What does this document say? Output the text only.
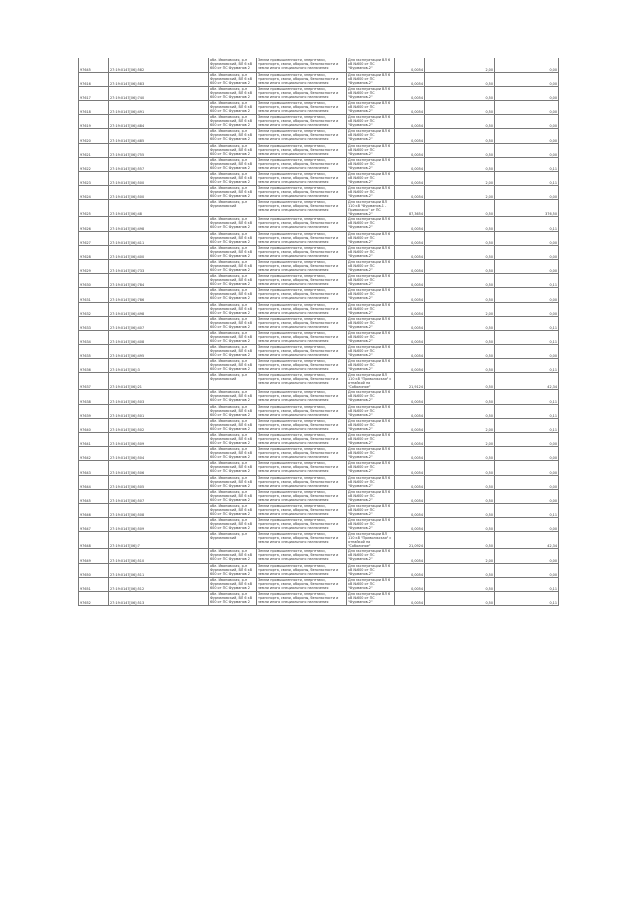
97645	27:19:0147[06]:582	обл. Ивановская, р-н Фурмановский, ВЛ 6 кВ 600 от ПС Фурманов 2	Земли промышленности, энергетики, транспорта, связи, обороны, безопасности и земли иного специального назначения	Для эксплуатации ВЛ 6 кВ №600 от ПС "Фурманов-2"	0,0054	2,00	0,00
97616	27:19:0147[06]:583	обл. Ивановская, р-н Фурмановский, ВЛ 6 кВ 600 от ПС Фурманов 2	Земли промышленности, энергетики, транспорта, связи, обороны, безопасности и земли иного специального назначения	Для эксплуатации ВЛ 6 кВ №600 от ПС "Фурманов-2"	0,0054	0,50	0,00
97617	27:19:0147[06]:740	обл. Ивановская, р-н Фурмановский, ВЛ 6 кВ 600 от ПС Фурманов 2	Земли промышленности, энергетики, транспорта, связи, обороны, безопасности и земли иного специального назначения	Для эксплуатации ВЛ 6 кВ №600 от ПС "Фурманов-2"	0,0054	0,50	0,00
97618	27:19:0147[06]:491	обл. Ивановская, р-н Фурмановский, ВЛ 6 кВ 600 от ПС Фурманов 2	Земли промышленности, энергетики, транспорта, связи, обороны, безопасности и земли иного специального назначения	Для эксплуатации ВЛ 6 кВ №600 от ПС "Фурманов-2"	0,0054	0,50	0,00
97619	27:19:0147[06]:484	обл. Ивановская, р-н Фурмановский, ВЛ 6 кВ 600 от ПС Фурманов 2	Земли промышленности, энергетики, транспорта, связи, обороны, безопасности и земли иного специального назначения	Для эксплуатации ВЛ 6 кВ №600 от ПС "Фурманов-2"	0,0054	0,50	0,00
97620	27:19:0147[06]:485	обл. Ивановская, р-н Фурмановский, ВЛ 6 кВ 600 от ПС Фурманов 2	Земли промышленности, энергетики, транспорта, связи, обороны, безопасности и земли иного специального назначения	Для эксплуатации ВЛ 6 кВ №600 от ПС "Фурманов-2"	0,0054	0,50	0,00
97621	27:19:0147[06]:755	обл. Ивановская, р-н Фурмановский, ВЛ 6 кВ 600 от ПС Фурманов 2	Земли промышленности, энергетики, транспорта, связи, обороны, безопасности и земли иного специального назначения	Для эксплуатации ВЛ 6 кВ №600 от ПС "Фурманов-2"	0,0054	0,50	0,00
97622	27:19:0147[06]:557	обл. Ивановская, р-н Фурмановский, ВЛ 6 кВ 600 от ПС Фурманов 2	Земли промышленности, энергетики, транспорта, связи, обороны, безопасности и земли иного специального назначения	Для эксплуатации ВЛ 6 кВ №600 от ПС "Фурманов-2"	0,0054	0,50	0,11
97623	27:19:0147[06]:500	обл. Ивановская, р-н Фурмановский, ВЛ 6 кВ 600 от ПС Фурманов 2	Земли промышленности, энергетики, транспорта, связи, обороны, безопасности и земли иного специального назначения	Для эксплуатации ВЛ 6 кВ №600 от ПС "Фурманов-2"	0,0054	2,00	0,11
97624	27:19:0147[06]:500	обл. Ивановская, р-н Фурмановский, ВЛ 6 кВ 600 от ПС Фурманов 2	Земли промышленности, энергетики, транспорта, связи, обороны, безопасности и земли иного специального назначения	Для эксплуатации ВЛ 6 кВ №600 от ПС "Фурманов-2"	0,0054	2,00	0,00
97625	27:19:0147[06]:48	обл. Ивановская, р-н Фурмановский	Земли промышленности, энергетики, транспорта, связи, обороны, безопасности и земли иного специального назначения	Для эксплуатации ВЛ 110 кВ "Фурманов-1 - Приволжск" от ПС "Фурманов-2"	87,3654	0,50	376,50
97626	27:19:0147[06]:498	обл. Ивановская, р-н Фурмановский, ВЛ 6 кВ 600 от ПС Фурманов 2	Земли промышленности, энергетики, транспорта, связи, обороны, безопасности и земли иного специального назначения	Для эксплуатации ВЛ 6 кВ №600 от ПС "Фурманов-2"	0,0054	0,50	0,11
97627	27:19:0147[06]:411	обл. Ивановская, р-н Фурмановский, ВЛ 6 кВ 600 от ПС Фурманов 2	Земли промышленности, энергетики, транспорта, связи, обороны, безопасности и земли иного специального назначения	Для эксплуатации ВЛ 6 кВ №600 от ПС "Фурманов-2"	0,0054	0,50	0,00
97628	27:19:0147[06]:400	обл. Ивановская, р-н Фурмановский, ВЛ 6 кВ 600 от ПС Фурманов 2	Земли промышленности, энергетики, транспорта, связи, обороны, безопасности и земли иного специального назначения	Для эксплуатации ВЛ 6 кВ №600 от ПС "Фурманов-2"	0,0054	0,50	0,00
97629	27:19:0147[06]:733	обл. Ивановская, р-н Фурмановский, ВЛ 6 кВ 600 от ПС Фурманов 2	Земли промышленности, энергетики, транспорта, связи, обороны, безопасности и земли иного специального назначения	Для эксплуатации ВЛ 6 кВ №600 от ПС "Фурманов-2"	0,0054	0,50	0,00
97630	27:19:0147[06]:784	обл. Ивановская, р-н Фурмановский, ВЛ 6 кВ 600 от ПС Фурманов 2	Земли промышленности, энергетики, транспорта, связи, обороны, безопасности и земли иного специального назначения	Для эксплуатации ВЛ 6 кВ №600 от ПС "Фурманов-2"	0,0054	0,50	0,11
97631	27:19:0147[06]:786	обл. Ивановская, р-н Фурмановский, ВЛ 6 кВ 600 от ПС Фурманов 2	Земли промышленности, энергетики, транспорта, связи, обороны, безопасности и земли иного специального назначения	Для эксплуатации ВЛ 6 кВ №600 от ПС "Фурманов-2"	0,0054	0,50	0,00
97632	27:19:0147[06]:498	обл. Ивановская, р-н Фурмановский, ВЛ 6 кВ 600 от ПС Фурманов 2	Земли промышленности, энергетики, транспорта, связи, обороны, безопасности и земли иного специального назначения	Для эксплуатации ВЛ 6 кВ №600 от ПС "Фурманов-2"	0,0054	2,00	0,00
97633	27:19:0147[06]:407	обл. Ивановская, р-н Фурмановский, ВЛ 6 кВ 600 от ПС Фурманов 2	Земли промышленности, энергетики, транспорта, связи, обороны, безопасности и земли иного специального назначения	Для эксплуатации ВЛ 6 кВ №600 от ПС "Фурманов-2"	0,0054	0,50	0,11
97634	27:19:0147[06]:408	обл. Ивановская, р-н Фурмановский, ВЛ 6 кВ 600 от ПС Фурманов 2	Земли промышленности, энергетики, транспорта, связи, обороны, безопасности и земли иного специального назначения	Для эксплуатации ВЛ 6 кВ №600 от ПС "Фурманов-2"	0,0054	0,50	0,11
97635	27:19:0147[06]:495	обл. Ивановская, р-н Фурмановский, ВЛ 6 кВ 600 от ПС Фурманов 2	Земли промышленности, энергетики, транспорта, связи, обороны, безопасности и земли иного специального назначения	Для эксплуатации ВЛ 6 кВ №600 от ПС "Фурманов-2"	0,0054	0,50	0,00
97636	27:19:0147[06]:3	обл. Ивановская, р-н Фурмановский, ВЛ 6 кВ 600 от ПС Фурманов 2	Земли промышленности, энергетики, транспорта, связи, обороны, безопасности и земли иного специального назначения	Для эксплуатации ВЛ 6 кВ №600 от ПС "Фурманов-2"	0,0054	0,50	0,11
97637	27:19:0147[06]:21	обл. Ивановская, р-н Фурмановский	Земли промышленности, энергетики, транспорта, связи, обороны, безопасности и земли иного специального назначения	Для эксплуатации ВЛ 110 кВ "Приволжская" с отпайкой на "Соболиное"	21,9124	0,50	42,34
97638	27:19:0147[06]:503	обл. Ивановская, р-н Фурмановский, ВЛ 6 кВ 600 от ПС Фурманов 2	Земли промышленности, энергетики, транспорта, связи, обороны, безопасности и земли иного специального назначения	Для эксплуатации ВЛ 6 кВ №600 от ПС "Фурманов-2"	0,0054	0,50	0,11
97639	27:19:0147[06]:501	обл. Ивановская, р-н Фурмановский, ВЛ 6 кВ 600 от ПС Фурманов 2	Земли промышленности, энергетики, транспорта, связи, обороны, безопасности и земли иного специального назначения	Для эксплуатации ВЛ 6 кВ №600 от ПС "Фурманов-2"	0,0054	0,50	0,11
97640	27:19:0147[06]:502	обл. Ивановская, р-н Фурмановский, ВЛ 6 кВ 600 от ПС Фурманов 2	Земли промышленности, энергетики, транспорта, связи, обороны, безопасности и земли иного специального назначения	Для эксплуатации ВЛ 6 кВ №600 от ПС "Фурманов-2"	0,0054	2,00	0,11
97641	27:19:0147[06]:509	обл. Ивановская, р-н Фурмановский, ВЛ 6 кВ 600 от ПС Фурманов 2	Земли промышленности, энергетики, транспорта, связи, обороны, безопасности и земли иного специального назначения	Для эксплуатации ВЛ 6 кВ №600 от ПС "Фурманов-2"	0,0054	2,00	0,00
97642	27:19:0147[06]:504	обл. Ивановская, р-н Фурмановский, ВЛ 6 кВ 600 от ПС Фурманов 2	Земли промышленности, энергетики, транспорта, связи, обороны, безопасности и земли иного специального назначения	Для эксплуатации ВЛ 6 кВ №600 от ПС "Фурманов-2"	0,0054	0,50	0,00
97643	27:19:0147[06]:506	обл. Ивановская, р-н Фурмановский, ВЛ 6 кВ 600 от ПС Фурманов 2	Земли промышленности, энергетики, транспорта, связи, обороны, безопасности и земли иного специального назначения	Для эксплуатации ВЛ 6 кВ №600 от ПС "Фурманов-2"	0,0054	0,50	0,00
97644	27:19:0147[06]:505	обл. Ивановская, р-н Фурмановский, ВЛ 6 кВ 600 от ПС Фурманов 2	Земли промышленности, энергетики, транспорта, связи, обороны, безопасности и земли иного специального назначения	Для эксплуатации ВЛ 6 кВ №600 от ПС "Фурманов-2"	0,0054	0,50	0,00
97645	27:19:0147[06]:507	обл. Ивановская, р-н Фурмановский, ВЛ 6 кВ 600 от ПС Фурманов 2	Земли промышленности, энергетики, транспорта, связи, обороны, безопасности и земли иного специального назначения	Для эксплуатации ВЛ 6 кВ №600 от ПС "Фурманов-2"	0,0054	0,50	0,00
97646	27:19:0147[06]:508	обл. Ивановская, р-н Фурмановский, ВЛ 6 кВ 600 от ПС Фурманов 2	Земли промышленности, энергетики, транспорта, связи, обороны, безопасности и земли иного специального назначения	Для эксплуатации ВЛ 6 кВ №600 от ПС "Фурманов-2"	0,0054	0,50	0,11
97647	27:19:0147[06]:509	обл. Ивановская, р-н Фурмановский, ВЛ 6 кВ 600 от ПС Фурманов 2	Земли промышленности, энергетики, транспорта, связи, обороны, безопасности и земли иного специального назначения	Для эксплуатации ВЛ 6 кВ №600 от ПС "Фурманов-2"	0,0054	0,50	0,00
97648	27:19:0147[06]:7	обл. Ивановская, р-н Фурмановский	Земли промышленности, энергетики, транспорта, связи, обороны, безопасности и земли иного специального назначения	Для эксплуатации ВЛ 110 кВ "Приволжская" с отпайкой на "Соболиное"	21,0924	0,50	42,34
97649	27:19:0147[06]:510	обл. Ивановская, р-н Фурмановский, ВЛ 6 кВ 600 от ПС Фурманов 2	Земли промышленности, энергетики, транспорта, связи, обороны, безопасности и земли иного специального назначения	Для эксплуатации ВЛ 6 кВ №600 от ПС "Фурманов-2"	0,0054	2,00	0,00
97650	27:19:0147[06]:511	обл. Ивановская, р-н Фурмановский, ВЛ 6 кВ 600 от ПС Фурманов 2	Земли промышленности, энергетики, транспорта, связи, обороны, безопасности и земли иного специального назначения	Для эксплуатации ВЛ 6 кВ №600 от ПС "Фурманов-2"	0,0054	0,50	0,00
97651	27:19:0147[06]:512	обл. Ивановская, р-н Фурмановский, ВЛ 6 кВ 600 от ПС Фурманов 2	Земли промышленности, энергетики, транспорта, связи, обороны, безопасности и земли иного специального назначения	Для эксплуатации ВЛ 6 кВ №600 от ПС "Фурманов-2"	0,0054	0,50	0,11
97652	27:19:0147[06]:513	обл. Ивановская, р-н Фурмановский, ВЛ 6 кВ 600 от ПС Фурманов 2	Земли промышленности, энергетики, транспорта, связи, обороны, безопасности и земли иного специального назначения	Для эксплуатации ВЛ 6 кВ №600 от ПС "Фурманов-2"	0,0054	0,50	0,11
